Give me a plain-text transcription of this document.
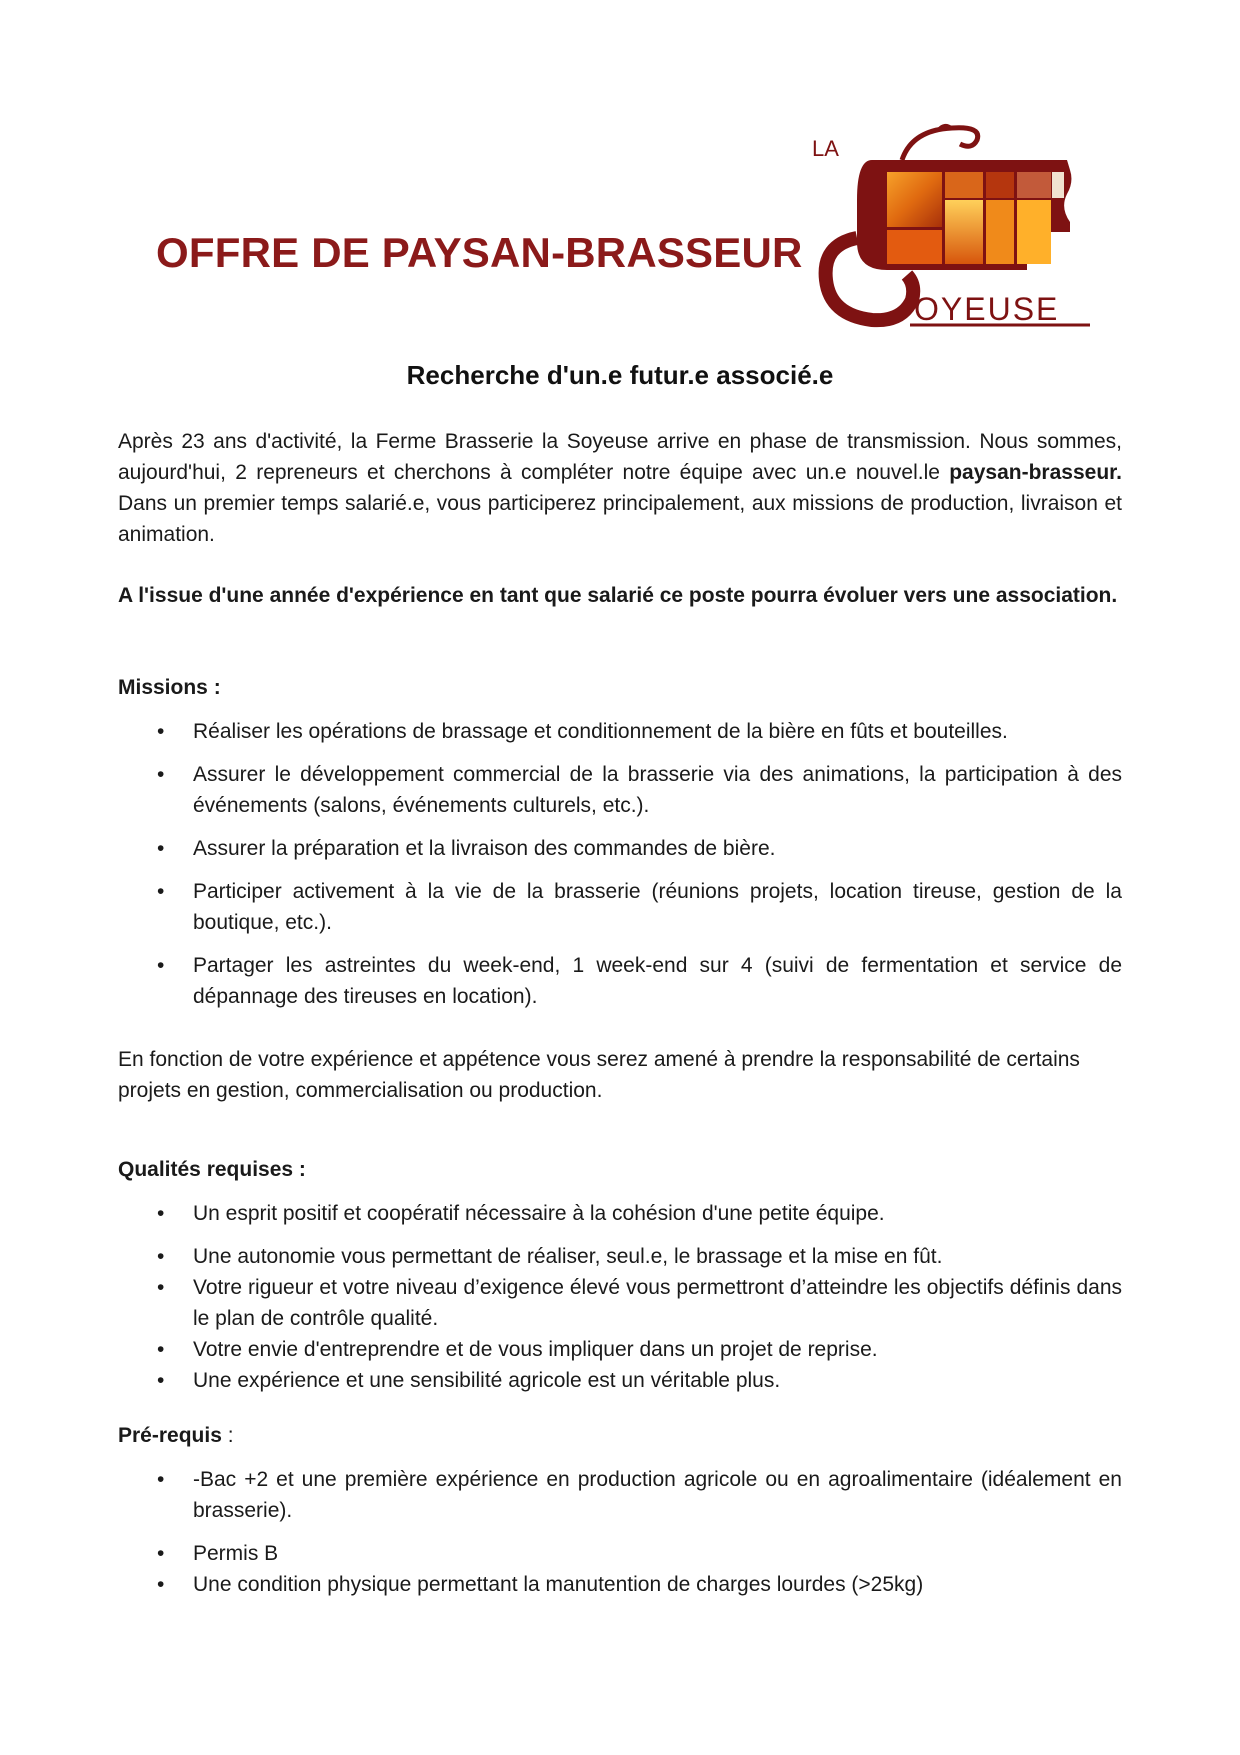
OFFRE DE PAYSAN-BRASSEUR
LA
OYEUSE
Recherche d'un.e futur.e associé.e

Après 23 ans d'activité, la Ferme Brasserie la Soyeuse arrive en phase de transmission. Nous sommes, aujourd'hui, 2 repreneurs et cherchons à compléter notre équipe avec un.e nouvel.le paysan-brasseur. Dans un premier temps salarié.e, vous participerez principalement, aux missions de production, livraison et animation.

A l'issue d'une année d'expérience en tant que salarié ce poste pourra évoluer vers une association.

Missions :

•	Réaliser les opérations de brassage et conditionnement de la bière en fûts et bouteilles.
•	Assurer le développement commercial de la brasserie via des animations, la participation à des événements (salons, événements culturels, etc.).
•	Assurer la préparation et la livraison des commandes de bière.
•	Participer activement à la vie de la brasserie (réunions projets, location tireuse, gestion de la boutique, etc.).
•	Partager les astreintes du week-end, 1 week-end sur 4 (suivi de fermentation et service de dépannage des tireuses en location).

En fonction de votre expérience et appétence vous serez amené à prendre la responsabilité de certains projets en gestion, commercialisation ou production.

Qualités requises :

•	Un esprit positif et coopératif nécessaire à la cohésion d'une petite équipe.
•	Une autonomie vous permettant de réaliser, seul.e, le brassage et la mise en fût.
•	Votre rigueur et votre niveau d’exigence élevé vous permettront d’atteindre les objectifs définis dans le plan de contrôle qualité.
•	Votre envie d'entreprendre et de vous impliquer dans un projet de reprise.
•	Une expérience et une sensibilité agricole est un véritable plus.

Pré-requis :

•	-Bac +2 et une première expérience en production agricole ou en agroalimentaire (idéalement en brasserie).
•	Permis B
•	Une condition physique permettant la manutention de charges lourdes (>25kg)
